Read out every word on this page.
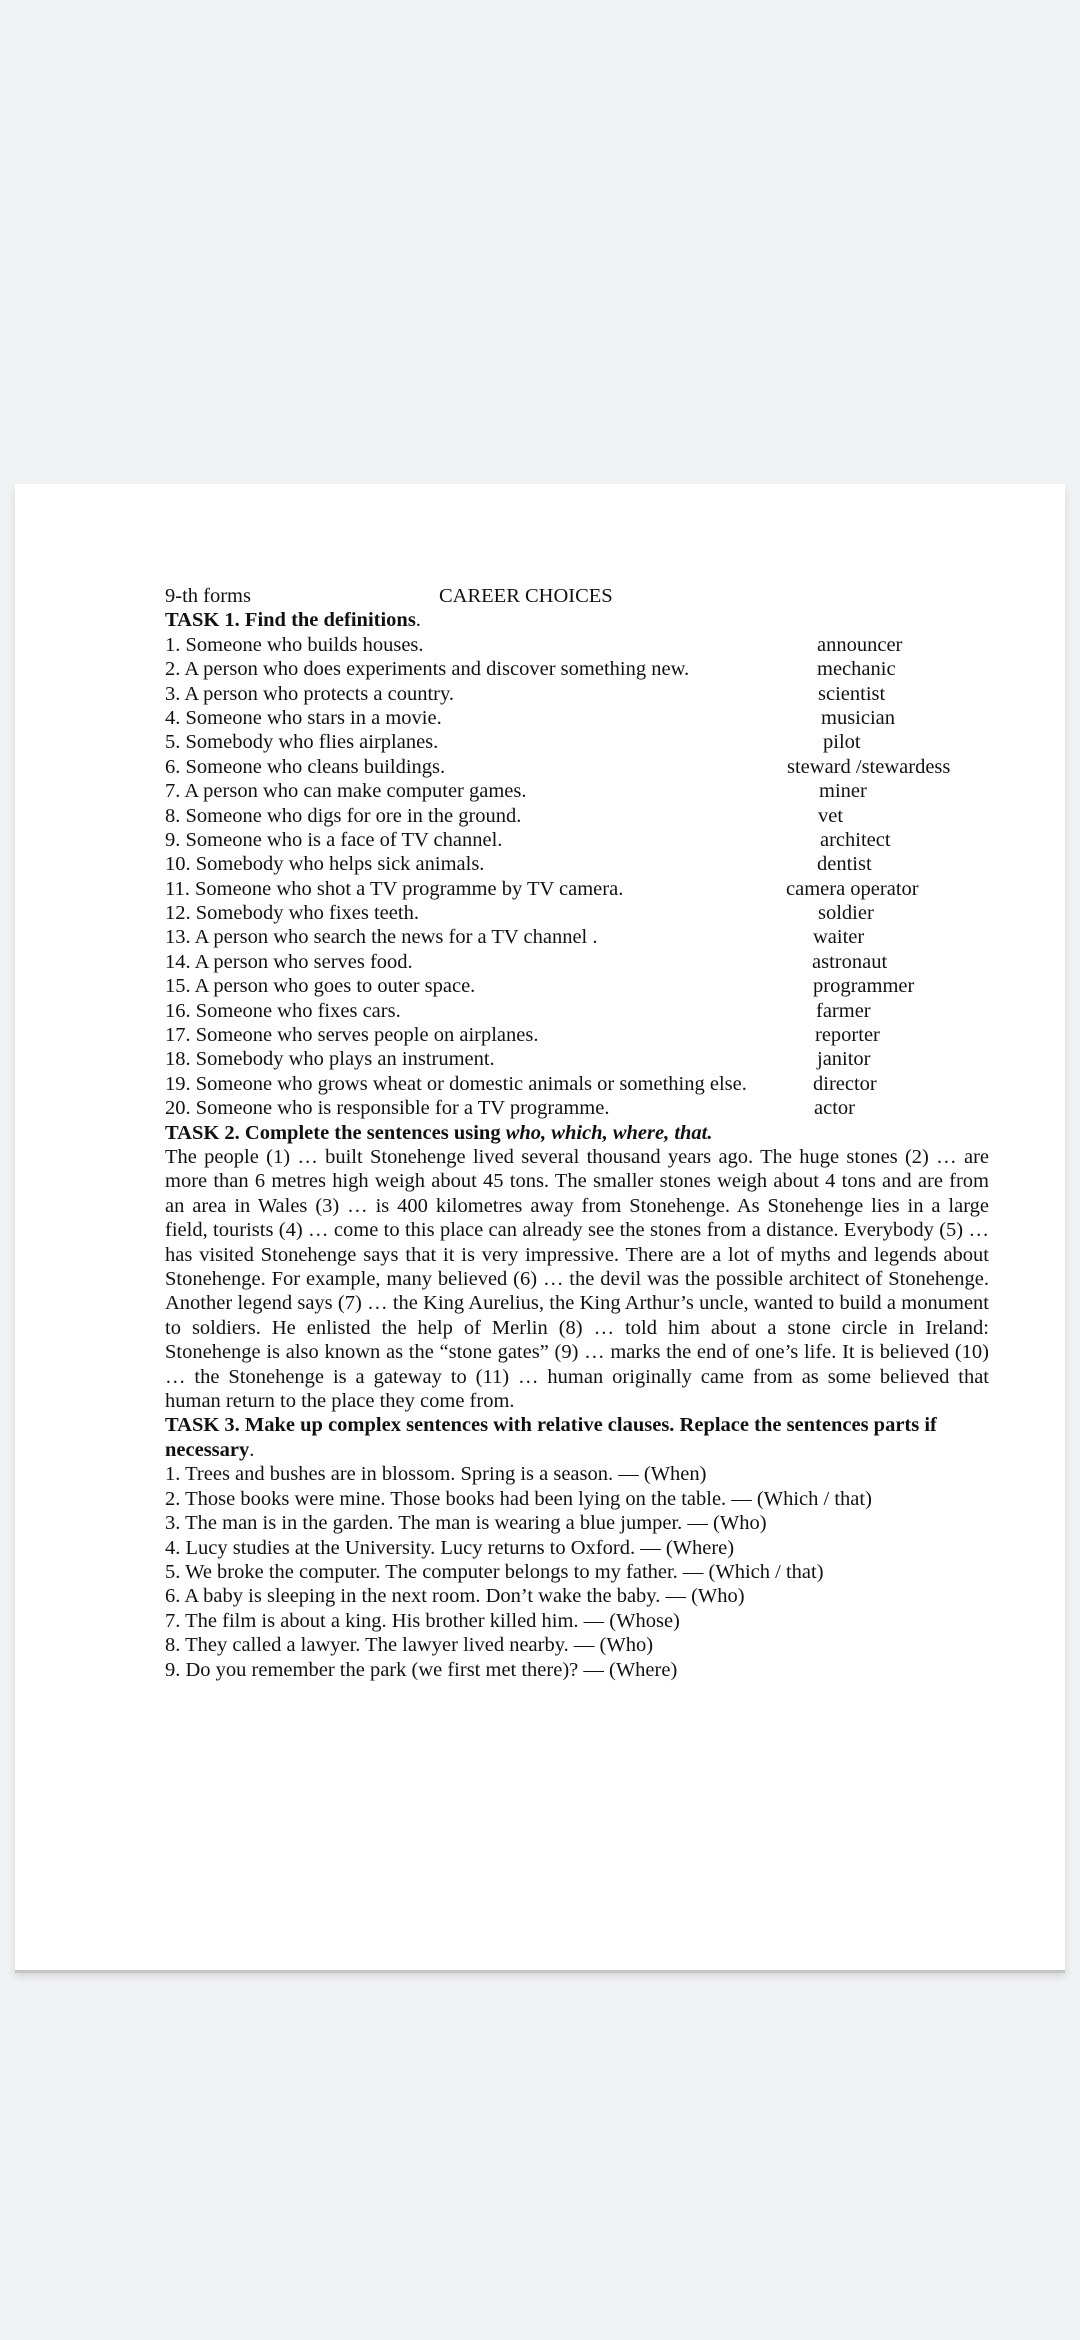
9-th forms	CAREER CHOICES
TASK 1. Find the definitions.
1. Someone who builds houses.	announcer
2. A person who does experiments and discover something new.	mechanic
3. A person who protects a country.	scientist
4. Someone who stars in a movie.	musician
5. Somebody who flies airplanes.	pilot
6. Someone who cleans buildings.	steward /stewardess
7. A person who can make computer games.	miner
8. Someone who digs for ore in the ground.	vet
9. Someone who is a face of TV channel.	architect
10. Somebody who helps sick animals.	dentist
11. Someone who shot a TV programme by TV camera.	camera operator
12. Somebody who fixes teeth.	soldier
13. A person who search the news for a TV channel .	waiter
14. A person who serves food.	astronaut
15. A person who goes to outer space.	programmer
16. Someone who fixes cars.	farmer
17. Someone who serves people on airplanes.	reporter
18. Somebody who plays an instrument.	janitor
19. Someone who grows wheat or domestic animals or something else.	director
20. Someone who is responsible for a TV programme.	actor
TASK 2. Complete the sentences using who, which, where, that.
The people (1) … built Stonehenge lived several thousand years ago. The huge stones (2) … are more than 6 metres high weigh about 45 tons. The smaller stones weigh about 4 tons and are from an area in Wales (3) … is 400 kilometres away from Stonehenge. As Stonehenge lies in a large field, tourists (4) … come to this place can already see the stones from a distance. Everybody (5) … has visited Stonehenge says that it is very impressive. There are a lot of myths and legends about Stonehenge. For example, many believed (6) … the devil was the possible architect of Stonehenge. Another legend says (7) … the King Aurelius, the King Arthur’s uncle, wanted to build a monument to soldiers. He enlisted the help of Merlin (8) … told him about a stone circle in Ireland: Stonehenge is also known as the “stone gates” (9) … marks the end of one’s life. It is believed (10) … the Stonehenge is a gateway to (11) … human originally came from as some believed that human return to the place they come from.
TASK 3. Make up complex sentences with relative clauses. Replace the sentences parts if necessary.
1. Trees and bushes are in blossom. Spring is a season. — (When)
2. Those books were mine. Those books had been lying on the table. — (Which / that)
3. The man is in the garden. The man is wearing a blue jumper. — (Who)
4. Lucy studies at the University. Lucy returns to Oxford. — (Where)
5. We broke the computer. The computer belongs to my father. — (Which / that)
6. A baby is sleeping in the next room. Don’t wake the baby. — (Who)
7. The film is about a king. His brother killed him. — (Whose)
8. They called a lawyer. The lawyer lived nearby. — (Who)
9. Do you remember the park (we first met there)? — (Where)
